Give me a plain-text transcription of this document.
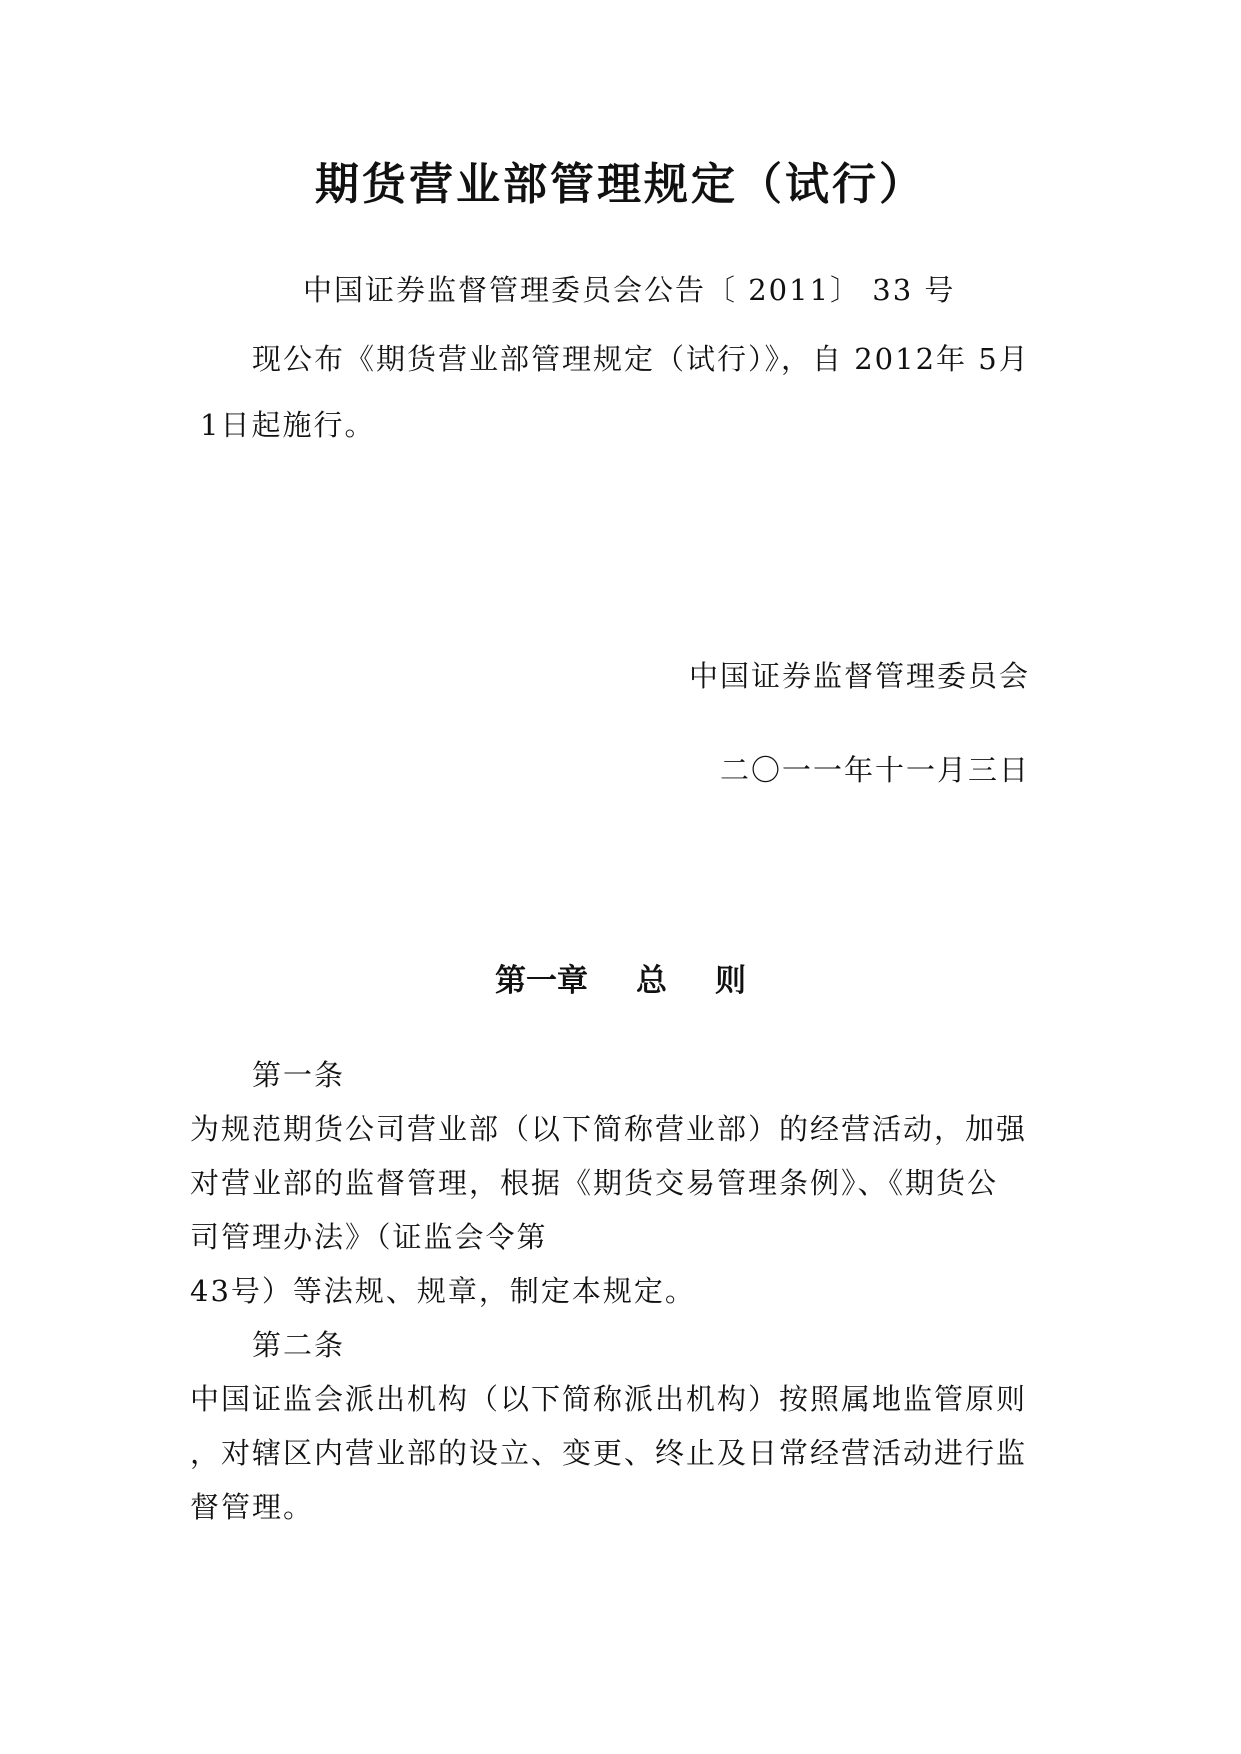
期货营业部管理规定（试行）
中国证券监督管理委员会公告〔 2011〕 33 号
现公布《期货营业部管理规定（试行）》，自 2012年 5月
1日起施行。
中国证券监督管理委员会
二〇一一年十一月三日
第一章 总 则
第一条
为规范期货公司营业部（以下简称营业部）的经营活动，加强
对营业部的监督管理，根据《期货交易管理条例》、《期货公
司管理办法》（证监会令第
43号）等法规、规章，制定本规定。
第二条
中国证监会派出机构（以下简称派出机构）按照属地监管原则
，对辖区内营业部的设立、变更、终止及日常经营活动进行监
督管理。
